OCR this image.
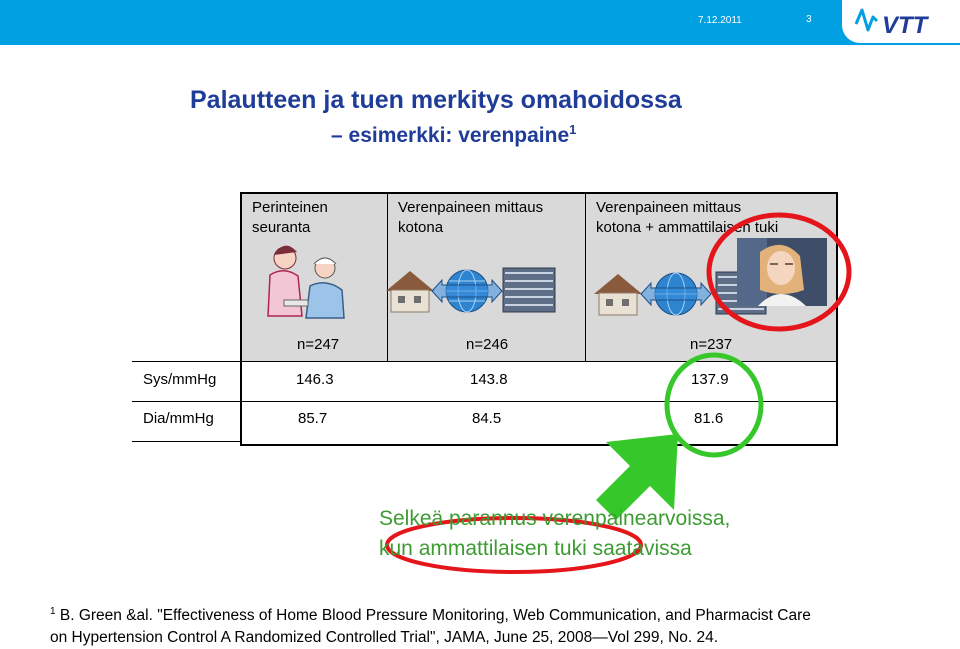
7.12.2011	3	VTT
Palautteen ja tuen merkitys omahoidossa
– esimerkki: verenpaine$^1$
Perinteinen seuranta
Verenpaineen mittaus kotona
Verenpaineen mittaus kotona + ammattilaisen tuki
n=247	n=246	n=237
Sys/mmHg	146.3	143.8	137.9
Dia/mmHg	85.7	84.5	81.6
Selkeä parannus verenpainearvoissa,
kun ammattilaisen tuki saatavissa
$^1$ B. Green &al. "Effectiveness of Home Blood Pressure Monitoring, Web Communication, and Pharmacist Care
on Hypertension Control A Randomized Controlled Trial", JAMA, June 25, 2008—Vol 299, No. 24.
